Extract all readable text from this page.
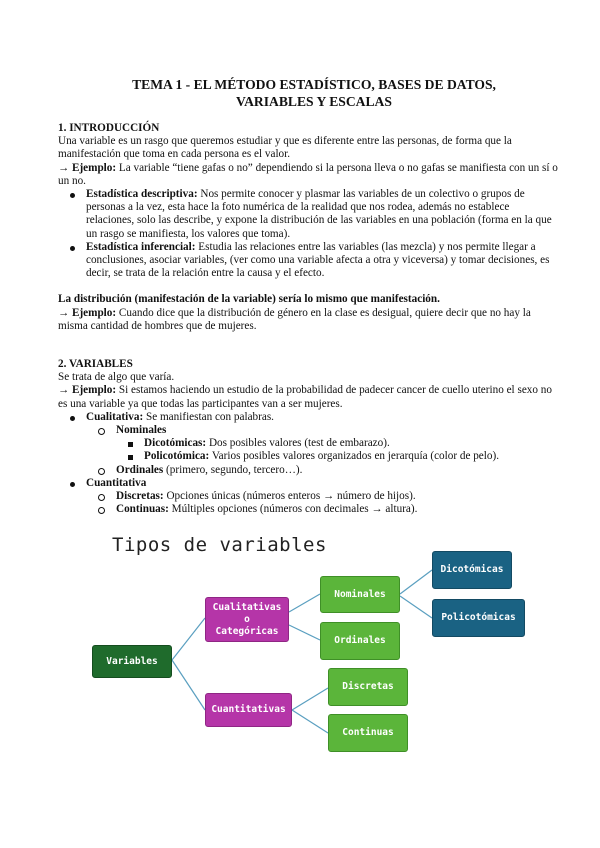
TEMA 1 - EL MÉTODO ESTADÍSTICO, BASES DE DATOS,
VARIABLES Y ESCALAS

1. INTRODUCCIÓN

Una variable es un rasgo que queremos estudiar y que es diferente entre las personas, de forma que la manifestación que toma en cada persona es el valor.

→ Ejemplo: La variable “tiene gafas o no” dependiendo si la persona lleva o no gafas se manifiesta con un sí o un no.

Estadística descriptiva: Nos permite conocer y plasmar las variables de un colectivo o grupos de personas a la vez, esta hace la foto numérica de la realidad que nos rodea, además no establece relaciones, solo las describe, y expone la distribución de las variables en una población (forma en la que un rasgo se manifiesta, los valores que toma).
Estadística inferencial: Estudia las relaciones entre las variables (las mezcla) y nos permite llegar a conclusiones, asociar variables, (ver como una variable afecta a otra y viceversa) y tomar decisiones, es decir, se trata de la relación entre la causa y el efecto.

La distribución (manifestación de la variable) sería lo mismo que manifestación.

→ Ejemplo: Cuando dice que la distribución de género en la clase es desigual, quiere decir que no hay la misma cantidad de hombres que de mujeres.

2. VARIABLES

Se trata de algo que varía.

→ Ejemplo: Si estamos haciendo un estudio de la probabilidad de padecer cancer de cuello uterino el sexo no es una variable ya que todas las participantes van a ser mujeres.

Cualitativa: Se manifiestan con palabras.
Nominales
Dicotómicas: Dos posibles valores (test de embarazo).
Policotómica: Varios posibles valores organizados en jerarquía (color de pelo).
Ordinales (primero, segundo, tercero…).
Cuantitativa
Discretas: Opciones únicas (números enteros → número de hijos).
Continuas: Múltiples opciones (números con decimales → altura).
Tipos de variables
Variables
Cualitativas
o
Categóricas
Cuantitativas
Nominales
Ordinales
Discretas
Continuas
Dicotómicas
Policotómicas
